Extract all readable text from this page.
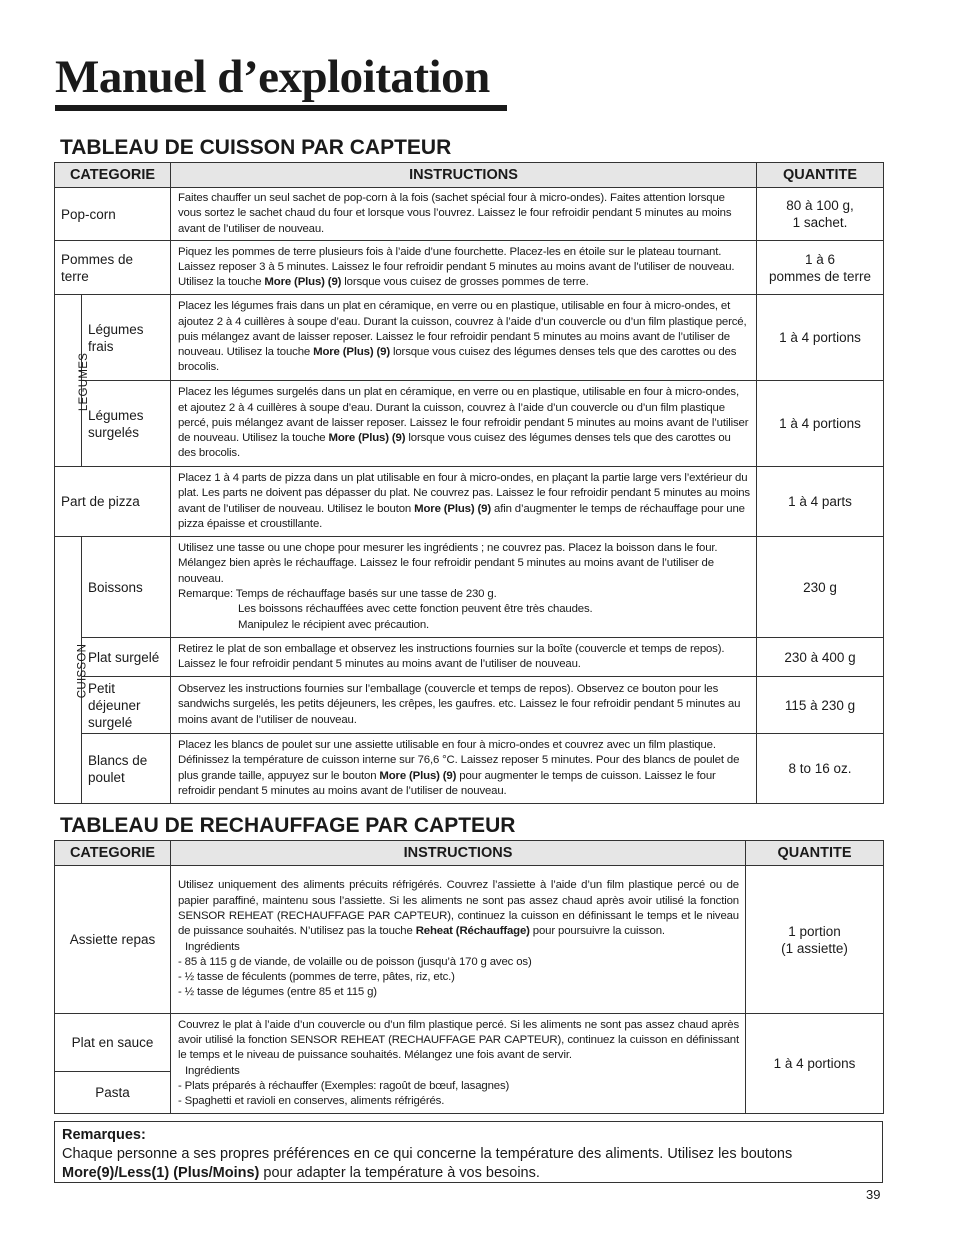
Manuel d’exploitation
TABLEAU DE CUISSON PAR CAPTEUR
CATEGORIE		INSTRUCTIONS	QUANTITE
Pop-corn		Faites chauffer un seul sachet de pop-corn à la fois (sachet spécial four à micro-ondes). Faites attention lorsque vous sortez le sachet chaud du four et lorsque vous l’ouvrez. Laissez le four refroidir pendant 5 minutes au moins avant de l’utiliser de nouveau.	80 à 100 g,
1 sachet.
Pommes de terre		Piquez les pommes de terre plusieurs fois à l’aide d’une fourchette. Placez-les en étoile sur le plateau tournant. Laissez reposer 3 à 5 minutes. Laissez le four refroidir pendant 5 minutes au moins avant de l’utiliser de nouveau. Utilisez la touche More (Plus) (9) lorsque vous cuisez de grosses pommes de terre.	1 à 6
pommes de terre
LEGUMES	Légumes frais	Placez les légumes frais dans un plat en céramique, en verre ou en plastique, utilisable en four à micro-ondes, et ajoutez 2 à 4 cuillères à soupe d’eau. Durant la cuisson, couvrez à l’aide d’un couvercle ou d’un film plastique percé, puis mélangez avant de laisser reposer. Laissez le four refroidir pendant 5 minutes au moins avant de l’utiliser de nouveau. Utilisez la touche More (Plus) (9) lorsque vous cuisez des légumes denses tels que des carottes ou des brocolis.	1 à 4 portions
	Légumes surgelés	Placez les légumes surgelés dans un plat en céramique, en verre ou en plastique, utilisable en four à micro-ondes, et ajoutez 2 à 4 cuillères à soupe d’eau. Durant la cuisson, couvrez à l’aide d’un couvercle ou d’un film plastique percé, puis mélangez avant de laisser reposer. Laissez le four refroidir pendant 5 minutes au moins avant de l’utiliser de nouveau. Utilisez la touche More (Plus) (9) lorsque vous cuisez des légumes denses tels que des carottes ou des brocolis.	1 à 4 portions
Part de pizza		Placez 1 à 4 parts de pizza dans un plat utilisable en four à micro-ondes, en plaçant la partie large vers l’extérieur du plat. Les parts ne doivent pas dépasser du plat. Ne couvrez pas. Laissez le four refroidir pendant 5 minutes au moins avant de l’utiliser de nouveau. Utilisez le bouton More (Plus) (9) afin d’augmenter le temps de réchauffage pour une pizza épaisse et croustillante.	1 à 4 parts
CUISSON	Boissons	Utilisez une tasse ou une chope pour mesurer les ingrédients ; ne couvrez pas. Placez la boisson dans le four. Mélangez bien après le réchauffage. Laissez le four refroidir pendant 5 minutes au moins avant de l’utiliser de nouveau.
Remarque: Temps de réchauffage basés sur une tasse de 230 g.
Les boissons réchauffées avec cette fonction peuvent être très chaudes.
Manipulez le récipient avec précaution.	230 g
	Plat surgelé	Retirez le plat de son emballage et observez les instructions fournies sur la boîte (couvercle et temps de repos). Laissez le four refroidir pendant 5 minutes au moins avant de l’utiliser de nouveau.	230 à 400 g
	Petit déjeuner surgelé	Observez les instructions fournies sur l’emballage (couvercle et temps de repos). Observez ce bouton pour les sandwichs surgelés, les petits déjeuners, les crêpes, les gaufres. etc. Laissez le four refroidir pendant 5 minutes au moins avant de l’utiliser de nouveau.	115 à 230 g
	Blancs de poulet	Placez les blancs de poulet sur une assiette utilisable en four à micro-ondes et couvrez avec un film plastique. Définissez la température de cuisson interne sur 76,6 °C. Laissez reposer 5 minutes. Pour des blancs de poulet de plus grande taille, appuyez sur le bouton More (Plus) (9) pour augmenter le temps de cuisson. Laissez le four refroidir pendant 5 minutes au moins avant de l’utiliser de nouveau.	8 to 16 oz.
TABLEAU DE RECHAUFFAGE PAR CAPTEUR
CATEGORIE	INSTRUCTIONS	QUANTITE
Assiette repas	Utilisez uniquement des aliments précuits réfrigérés. Couvrez l’assiette à l’aide d’un film plastique percé ou de papier paraffiné, maintenu sous l’assiette. Si les aliments ne sont pas assez chaud après avoir utilisé la fonction SENSOR REHEAT (RECHAUFFAGE PAR CAPTEUR), continuez la cuisson en définissant le temps et le niveau de puissance souhaités. N’utilisez pas la touche Reheat (Réchauffage) pour poursuivre la cuisson.
Ingrédients
- 85 à 115 g de viande, de volaille ou de poisson (jusqu’à 170 g avec os)
- ½ tasse de féculents (pommes de terre, pâtes, riz, etc.)
- ½ tasse de légumes (entre 85 et 115 g)	1 portion
(1 assiette)
Plat en sauce	Couvrez le plat à l’aide d’un couvercle ou d’un film plastique percé. Si les aliments ne sont pas assez chaud après avoir utilisé la fonction SENSOR REHEAT (RECHAUFFAGE PAR CAPTEUR), continuez la cuisson en définissant le temps et le niveau de puissance souhaités. Mélangez une fois avant de servir.
Ingrédients
- Plats préparés à réchauffer (Exemples: ragoût de bœuf, lasagnes)
- Spaghetti et ravioli en conserves, aliments réfrigérés.	1 à 4 portions
Pasta		
Remarques:
Chaque personne a ses propres préférences en ce qui concerne la température des aliments. Utilisez les boutons More(9)/Less(1) (Plus/Moins) pour adapter la température à vos besoins.
39
